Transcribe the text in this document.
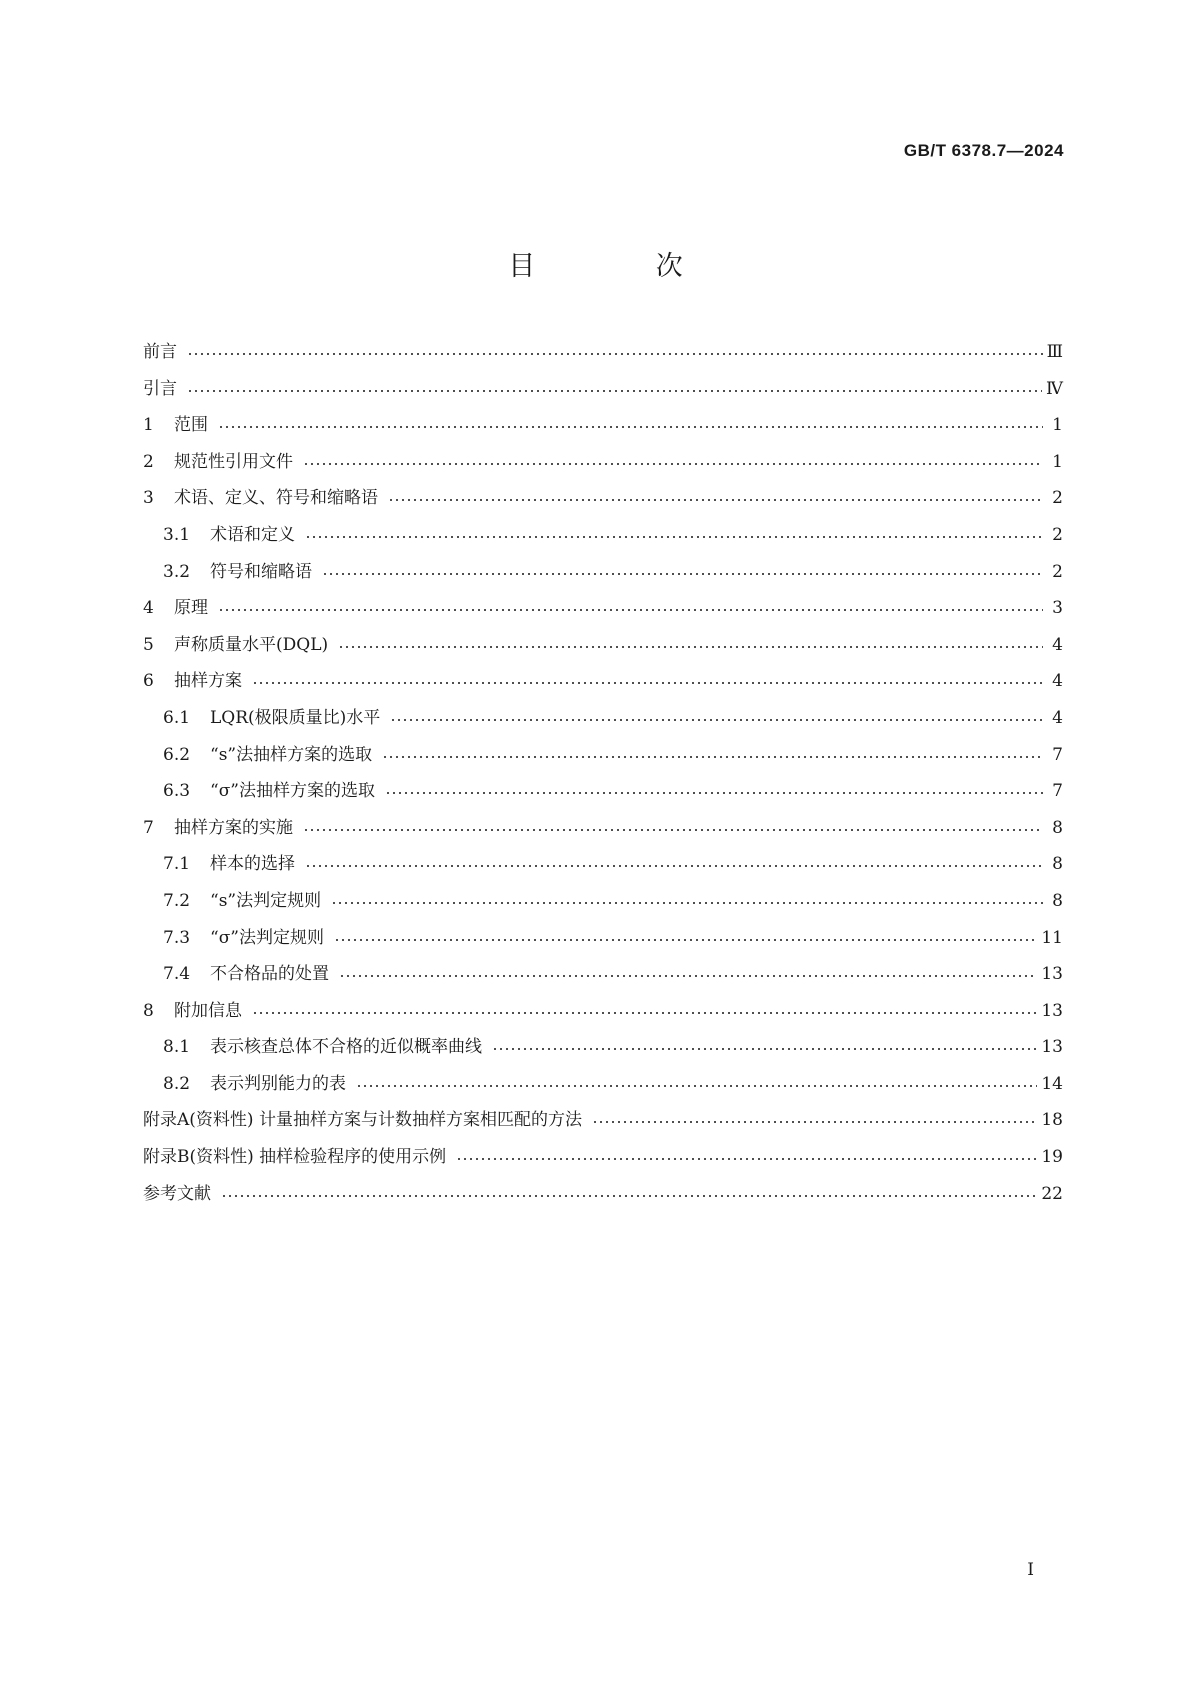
GB/T 6378.7—2024
目 次
前言	Ⅲ
引言	Ⅳ
1	范围	1
2	规范性引用文件	1
3	术语、定义、符号和缩略语	2
3.1	术语和定义	2
3.2	符号和缩略语	2
4	原理	3
5	声称质量水平(DQL)	4
6	抽样方案	4
6.1	LQR(极限质量比)水平	4
6.2	“s”法抽样方案的选取	7
6.3	“σ”法抽样方案的选取	7
7	抽样方案的实施	8
7.1	样本的选择	8
7.2	“s”法判定规则	8
7.3	“σ”法判定规则	11
7.4	不合格品的处置	13
8	附加信息	13
8.1	表示核查总体不合格的近似概率曲线	13
8.2	表示判别能力的表	14
附录A(资料性) 计量抽样方案与计数抽样方案相匹配的方法	18
附录B(资料性) 抽样检验程序的使用示例	19
参考文献	22
Ⅰ
